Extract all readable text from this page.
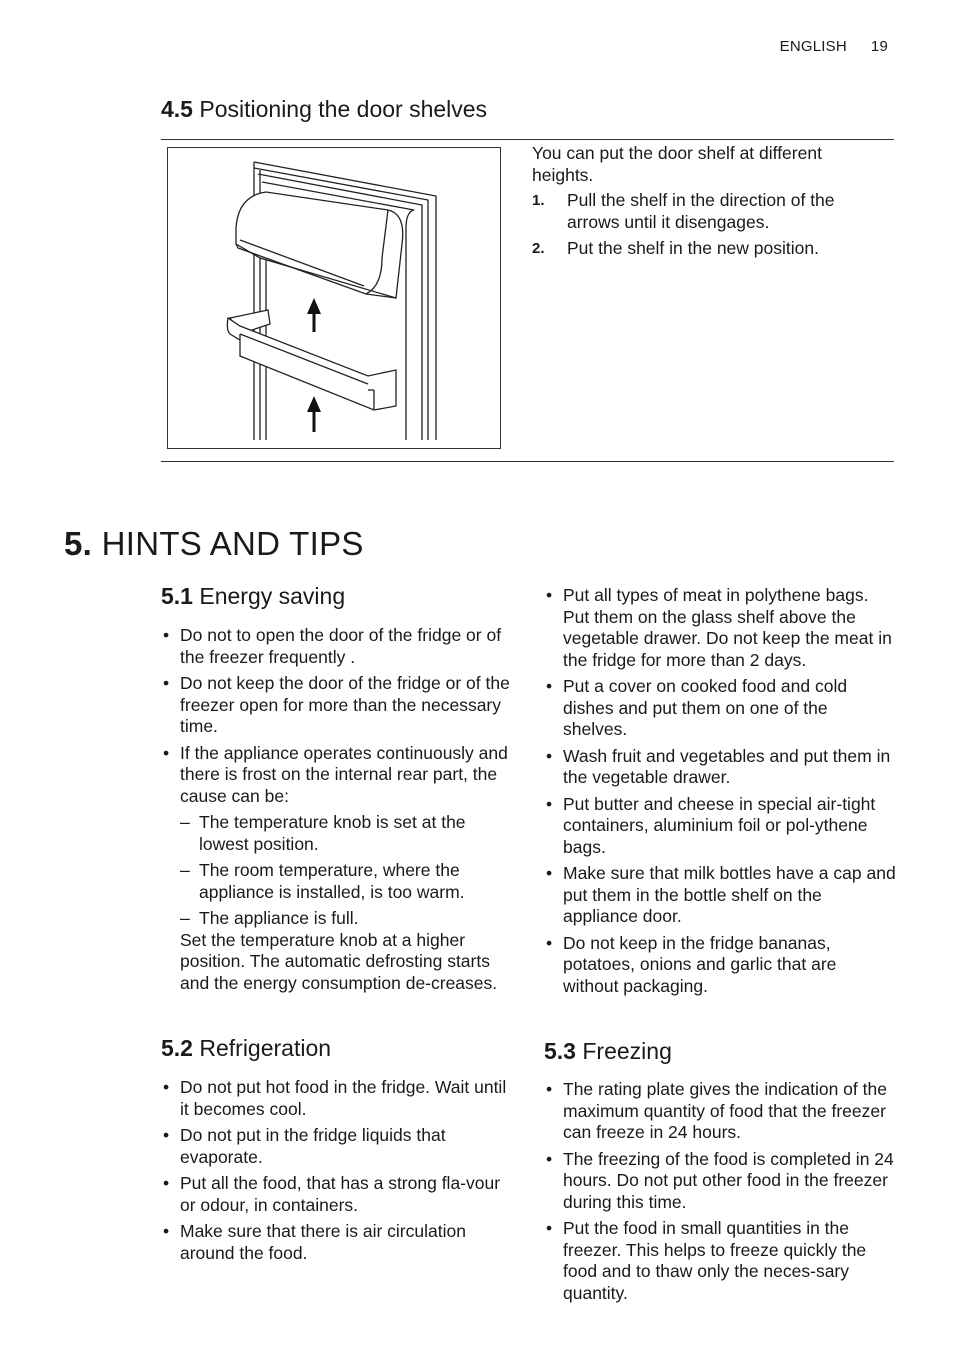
ENGLISH 19
4.5 Positioning the door shelves

You can put the door shelf at different heights.

1. Pull the shelf in the direction of the arrows until it disengages.
2. Put the shelf in the new position.
5. HINTS AND TIPS
5.1 Energy saving
• Do not to open the door of the fridge or of the freezer frequently .
• Do not keep the door of the fridge or of the freezer open for more than the necessary time.
• If the appliance operates continuously and there is frost on the internal rear part, the cause can be:
– The temperature knob is set at the lowest position.
– The room temperature, where the appliance is installed, is too warm.
– The appliance is full.
Set the temperature knob at a higher position. The automatic defrosting starts and the energy consumption de-creases.
5.2 Refrigeration
• Do not put hot food in the fridge. Wait until it becomes cool.
• Do not put in the fridge liquids that evaporate.
• Put all the food, that has a strong fla-vour or odour, in containers.
• Make sure that there is air circulation around the food.
• Put all types of meat in polythene bags. Put them on the glass shelf above the vegetable drawer. Do not keep the meat in the fridge for more than 2 days.
• Put a cover on cooked food and cold dishes and put them on one of the shelves.
• Wash fruit and vegetables and put them in the vegetable drawer.
• Put butter and cheese in special air-tight containers, aluminium foil or pol-ythene bags.
• Make sure that milk bottles have a cap and put them in the bottle shelf on the appliance door.
• Do not keep in the fridge bananas, potatoes, onions and garlic that are without packaging.
5.3 Freezing
• The rating plate gives the indication of the maximum quantity of food that the freezer can freeze in 24 hours.
• The freezing of the food is completed in 24 hours. Do not put other food in the freezer during this time.
• Put the food in small quantities in the freezer. This helps to freeze quickly the food and to thaw only the neces-sary quantity.
